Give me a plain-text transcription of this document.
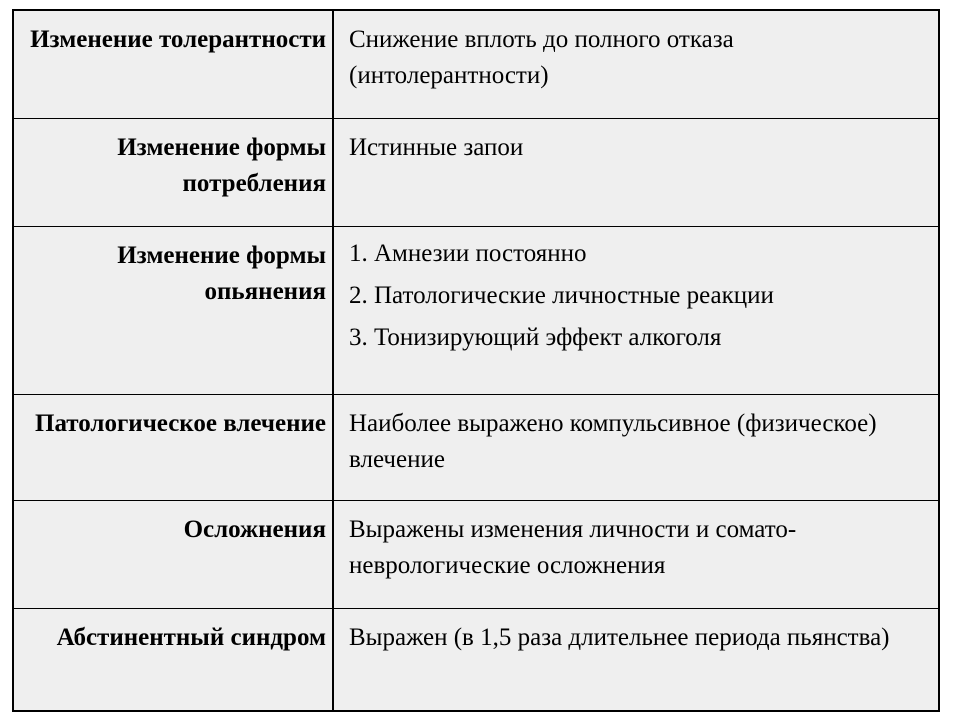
Изменение толерантности Снижение вплоть до полного отказа (интолерантности)
Изменение формы потребления
Истинные запои
Изменение формы опьянения
1. Амнезии постоянно
2. Патологические личностные реакции
3. Тонизирующий эффект алкоголя
Патологическое влечение Наиболее выражено компульсивное (физическое) влечение
Осложнения Выражены изменения личности и сомато-неврологические осложнения
Абстинентный синдром Выражен (в 1,5 раза длительнее периода пьянства)
